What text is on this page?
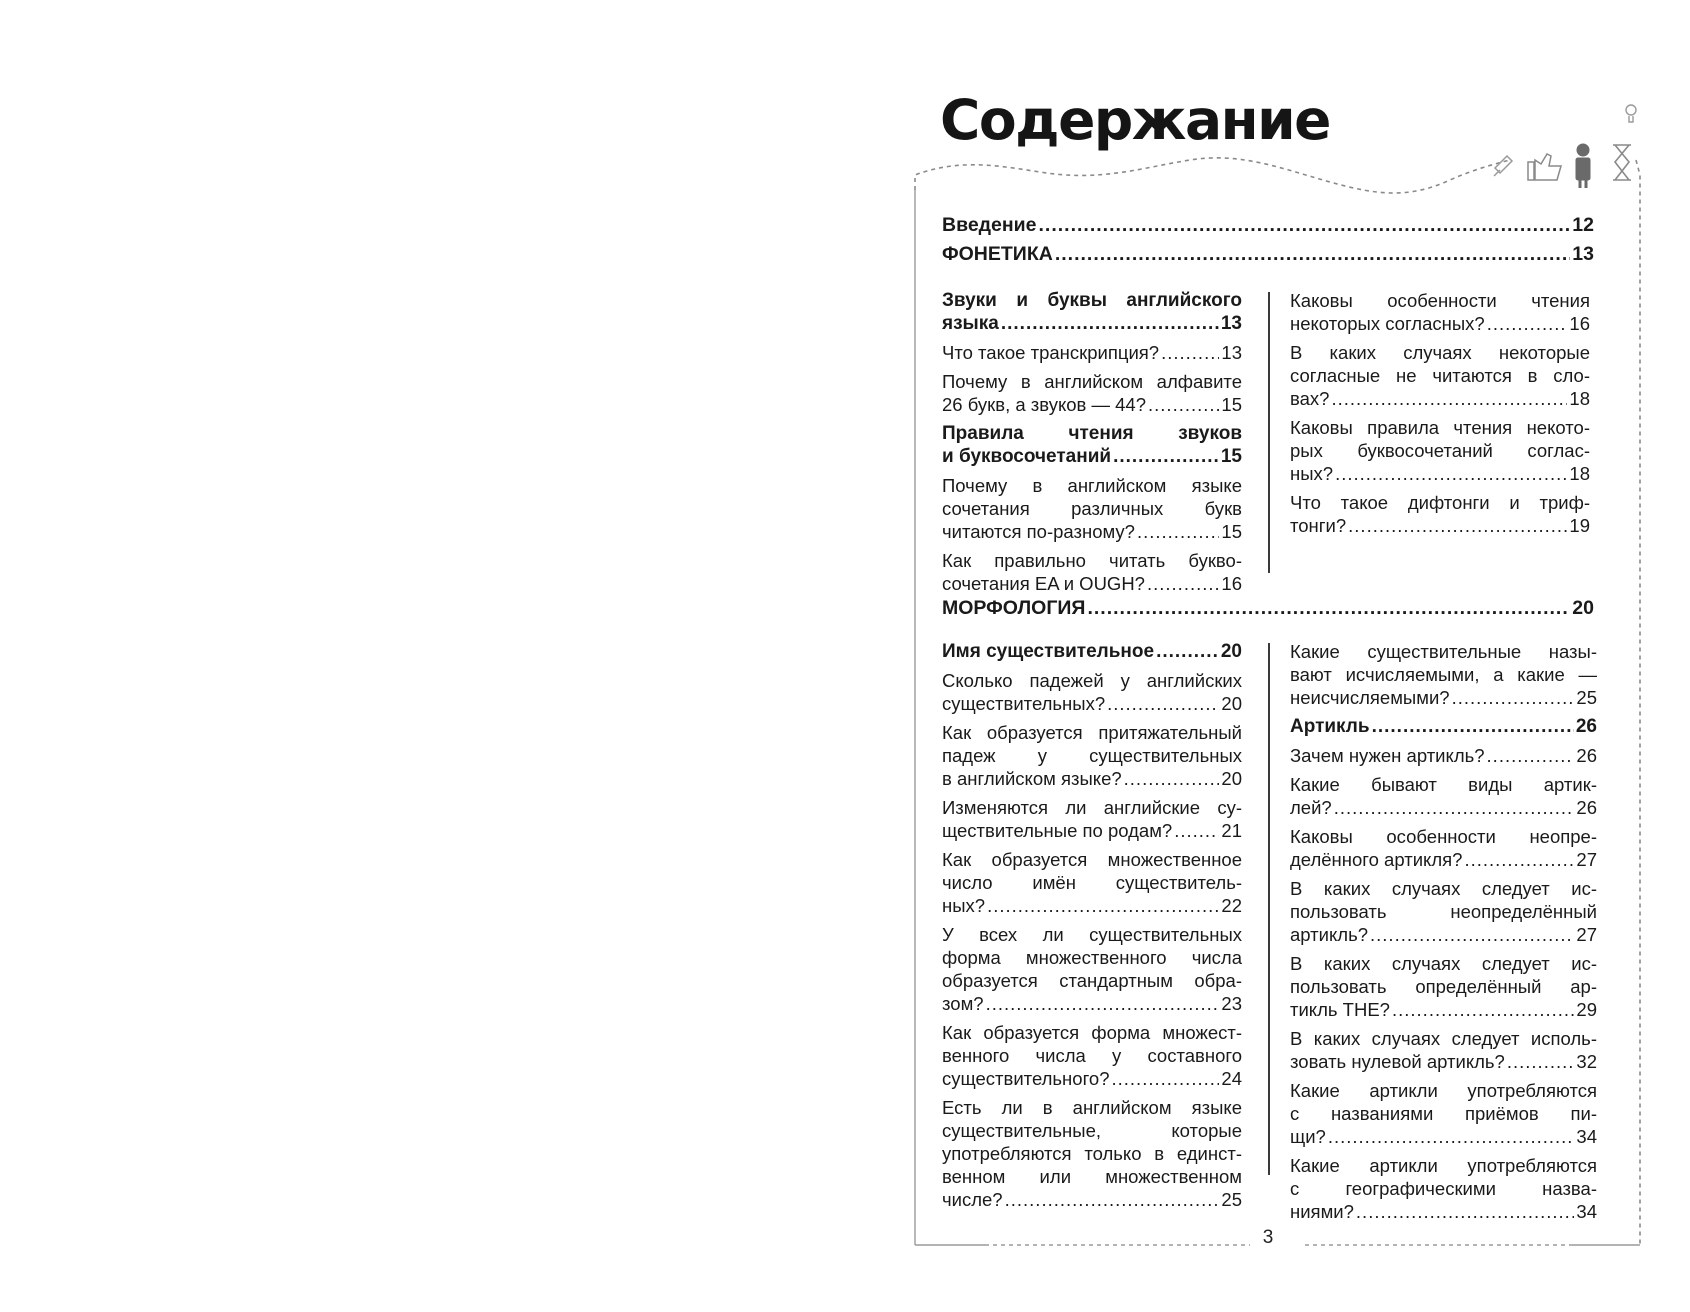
Содержание
Введение .....	12
ФОНЕТИКА .....	13
Звуки и буквы английского
языка .....	13
Что такое транскрипция? .....	13
Почему в английском алфавите
26 букв, а звуков — 44? .....	15
Правила чтения звуков
и буквосочетаний .....	15
Почему в английском языке
сочетания различных букв
читаются по-разному? .....	15
Как правильно читать букво-
сочетания EA и OUGH? .....	16
Каковы особенности чтения
некоторых согласных? .....	16
В каких случаях некоторые
согласные не читаются в сло-
вах? .....	18
Каковы правила чтения некото-
рых буквосочетаний соглас-
ных? .....	18
Что такое дифтонги и триф-
тонги? .....	19
МОРФОЛОГИЯ .....	20
Имя существительное .....	20
Сколько падежей у английских
существительных? .....	20
Как образуется притяжательный
падеж у существительных
в английском языке? .....	20
Изменяются ли английские су-
ществительные по родам? .....	21
Как образуется множественное
число имён существитель-
ных? .....	22
У всех ли существительных
форма множественного числа
образуется стандартным обра-
зом? .....	23
Как образуется форма множест-
венного числа у составного
существительного? .....	24
Есть ли в английском языке
существительные, которые
употребляются только в единст-
венном или множественном
числе? .....	25
Какие существительные назы-
вают исчисляемыми, а какие —
неисчисляемыми? .....	25
Артикль .....	26
Зачем нужен артикль? .....	26
Какие бывают виды артик-
лей? .....	26
Каковы особенности неопре-
делённого артикля? .....	27
В каких случаях следует ис-
пользовать неопределённый
артикль? .....	27
В каких случаях следует ис-
пользовать определённый ар-
тикль THE? .....	29
В каких случаях следует исполь-
зовать нулевой артикль? .....	32
Какие артикли употребляются
с названиями приёмов пи-
щи? .....	34
Какие артикли употребляются
с географическими назва-
ниями? .....	34
3
